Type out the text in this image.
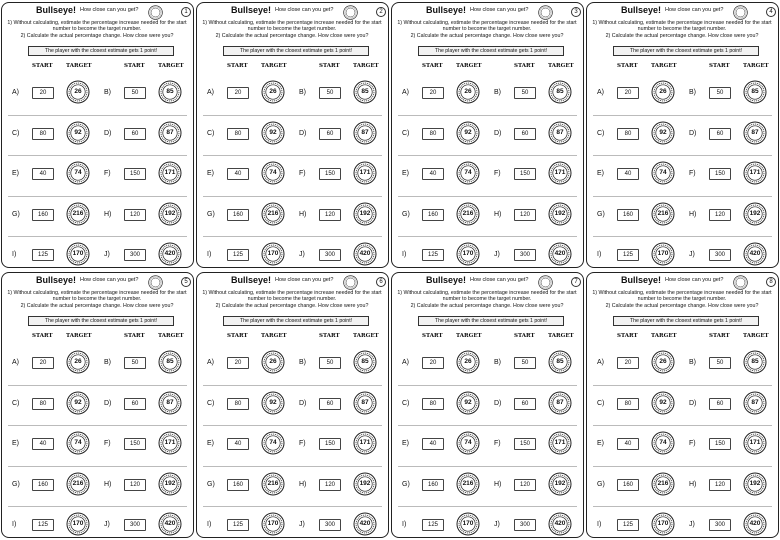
Bullseye! How close can you get?	1

1) Without calculating, estimate the percentage increase needed for the start number to become the target number.

2) Calculate the actual percentage change. How close were you?

The player with the closest estimate gets 1 point!
START TARGET	START TARGET
A)	20	26	B)	50	85
C)	80	92	D)	60	87
E)	40	74	F)	150	171
G)	160	216	H)	120	192
I)	125	170	J)	300	420
Bullseye! How close can you get?	2

1) Without calculating, estimate the percentage increase needed for the start number to become the target number.

2) Calculate the actual percentage change. How close were you?

The player with the closest estimate gets 1 point!
START TARGET	START TARGET
A)	20	26	B)	50	85
C)	80	92	D)	60	87
E)	40	74	F)	150	171
G)	160	216	H)	120	192
I)	125	170	J)	300	420
Bullseye! How close can you get?	3

1) Without calculating, estimate the percentage increase needed for the start number to become the target number.

2) Calculate the actual percentage change. How close were you?

The player with the closest estimate gets 1 point!
START TARGET	START TARGET
A)	20	26	B)	50	85
C)	80	92	D)	60	87
E)	40	74	F)	150	171
G)	160	216	H)	120	192
I)	125	170	J)	300	420
Bullseye! How close can you get?	4

1) Without calculating, estimate the percentage increase needed for the start number to become the target number.

2) Calculate the actual percentage change. How close were you?

The player with the closest estimate gets 1 point!
START TARGET	START TARGET
A)	20	26	B)	50	85
C)	80	92	D)	60	87
E)	40	74	F)	150	171
G)	160	216	H)	120	192
I)	125	170	J)	300	420
Bullseye! How close can you get?	5

1) Without calculating, estimate the percentage increase needed for the start number to become the target number.

2) Calculate the actual percentage change. How close were you?

The player with the closest estimate gets 1 point!
START TARGET	START TARGET
A)	20	26	B)	50	85
C)	80	92	D)	60	87
E)	40	74	F)	150	171
G)	160	216	H)	120	192
I)	125	170	J)	300	420
Bullseye! How close can you get?	6

1) Without calculating, estimate the percentage increase needed for the start number to become the target number.

2) Calculate the actual percentage change. How close were you?

The player with the closest estimate gets 1 point!
START TARGET	START TARGET
A)	20	26	B)	50	85
C)	80	92	D)	60	87
E)	40	74	F)	150	171
G)	160	216	H)	120	192
I)	125	170	J)	300	420
Bullseye! How close can you get?	7

1) Without calculating, estimate the percentage increase needed for the start number to become the target number.

2) Calculate the actual percentage change. How close were you?

The player with the closest estimate gets 1 point!
START TARGET	START TARGET
A)	20	26	B)	50	85
C)	80	92	D)	60	87
E)	40	74	F)	150	171
G)	160	216	H)	120	192
I)	125	170	J)	300	420
Bullseye! How close can you get?	8

1) Without calculating, estimate the percentage increase needed for the start number to become the target number.

2) Calculate the actual percentage change. How close were you?

The player with the closest estimate gets 1 point!
START TARGET	START TARGET
A)	20	26	B)	50	85
C)	80	92	D)	60	87
E)	40	74	F)	150	171
G)	160	216	H)	120	192
I)	125	170	J)	300	420
